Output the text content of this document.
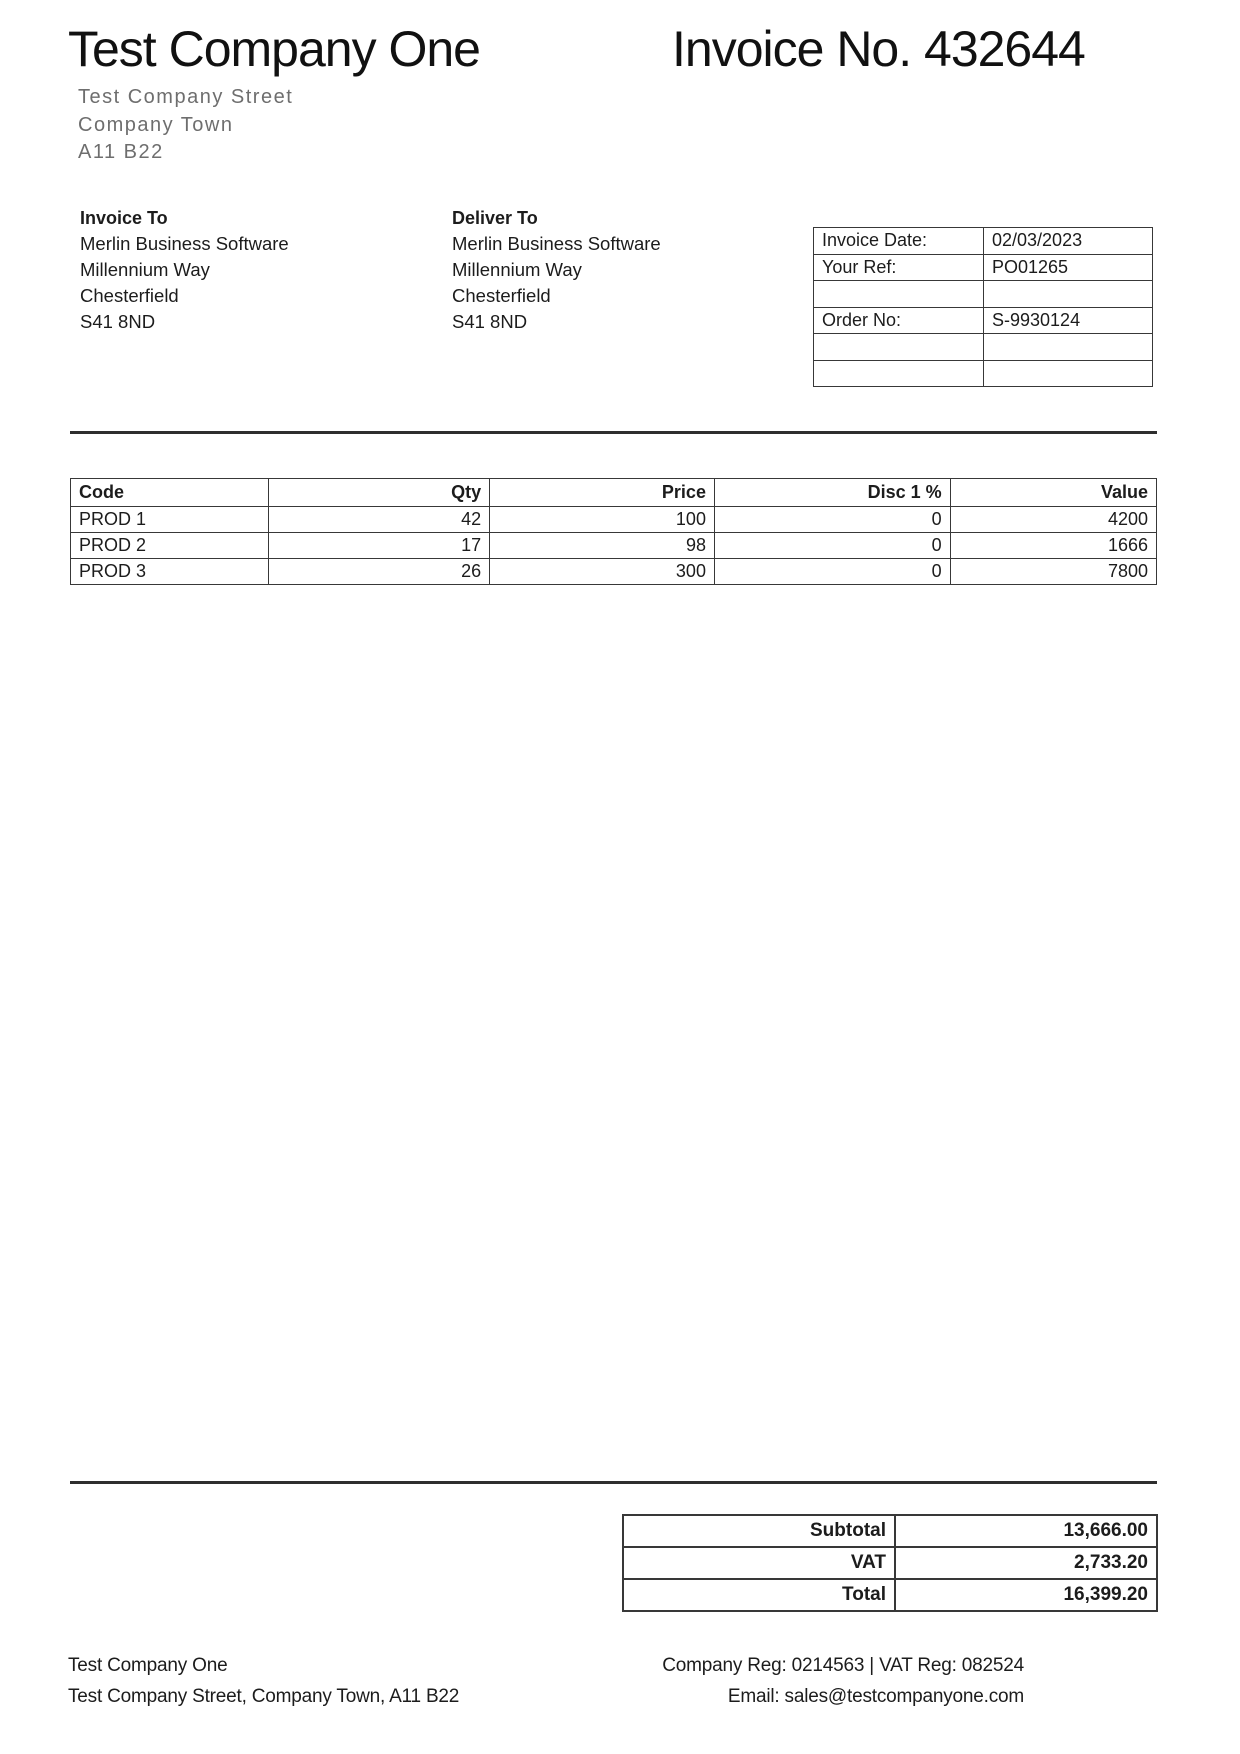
Test Company One	Invoice No. 432644
Test Company Street
Company Town
A11 B22
Invoice To
Merlin Business Software
Millennium Way
Chesterfield
S41 8ND
Deliver To
Merlin Business Software
Millennium Way
Chesterfield
S41 8ND
Invoice Date:	02/03/2023
Your Ref:	PO01265

Order No:	S-9930124

Code	Qty	Price	Disc 1 %	Value
PROD 1	42	100	0	4200
PROD 2	17	98	0	1666
PROD 3	26	300	0	7800
Subtotal	13,666.00
VAT	2,733.20
Total	16,399.20
Test Company One
Test Company Street, Company Town, A11 B22
Company Reg: 0214563 | VAT Reg: 082524
Email: sales@testcompanyone.com
